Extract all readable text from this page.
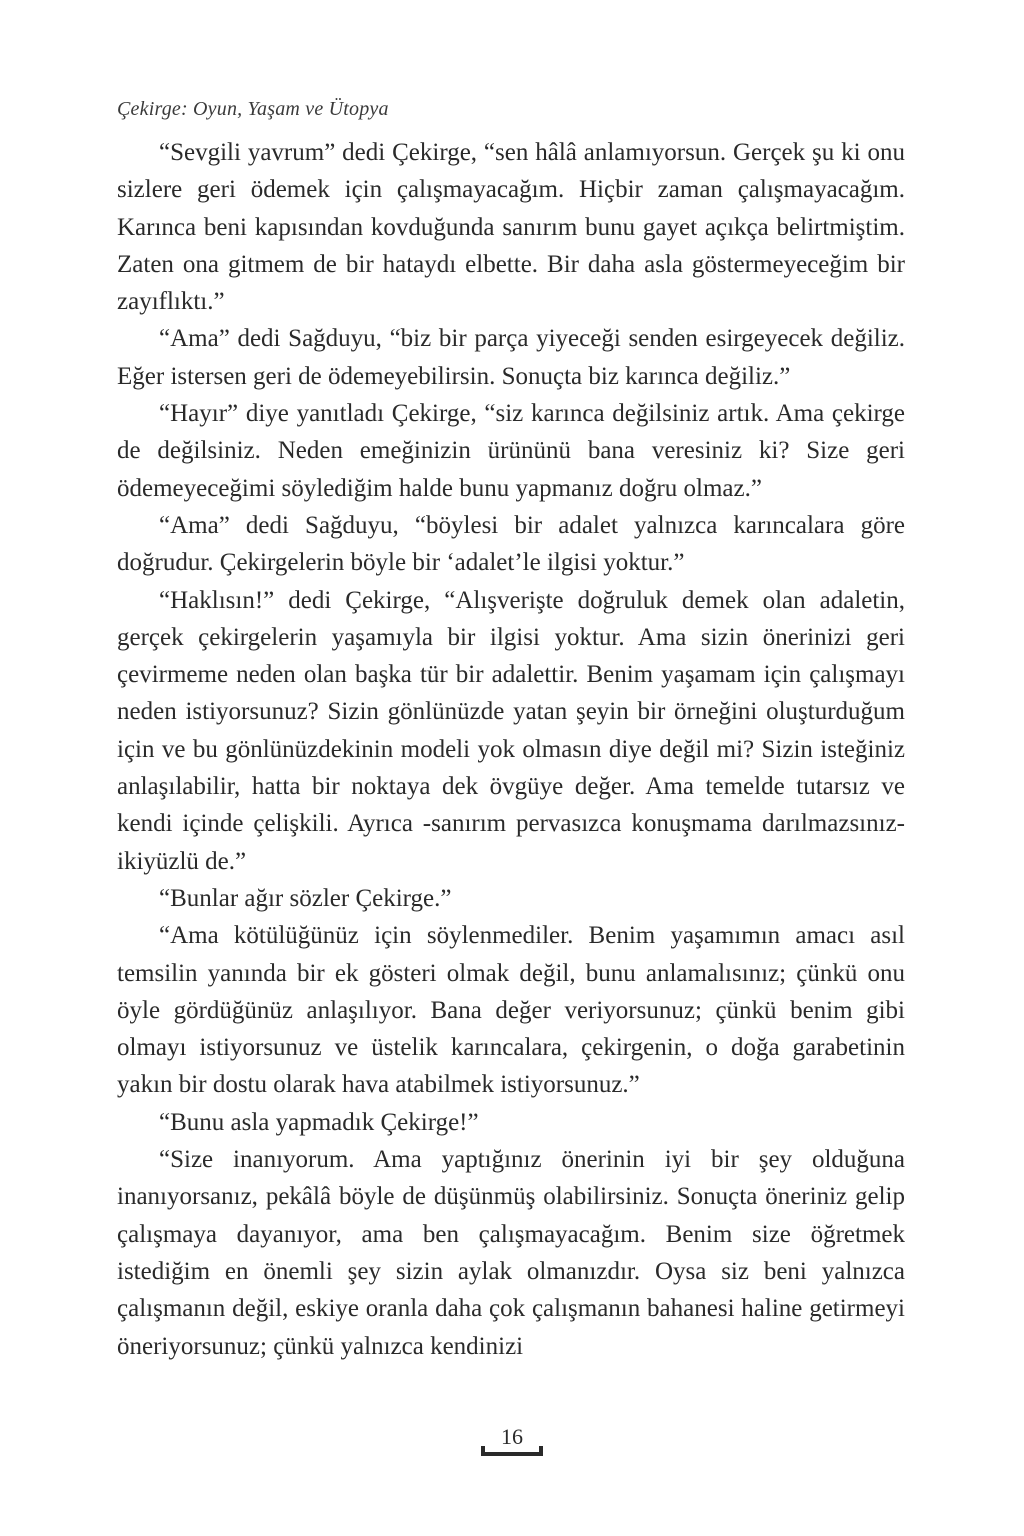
Çekirge: Oyun, Yaşam ve Ütopya

“Sevgili yavrum” dedi Çekirge, “sen hâlâ anlamıyorsun. Gerçek şu ki onu sizlere geri ödemek için çalışmayacağım. Hiçbir zaman çalışmayacağım. Karınca beni kapısından kovduğunda sanırım bunu gayet açıkça belirtmiştim. Zaten ona gitmem de bir hataydı elbette. Bir daha asla göstermeyeceğim bir zayıflıktı.”

“Ama” dedi Sağduyu, “biz bir parça yiyeceği senden esirgeyecek değiliz. Eğer istersen geri de ödemeyebilirsin. Sonuçta biz karınca değiliz.”

“Hayır” diye yanıtladı Çekirge, “siz karınca değilsiniz artık. Ama çekirge de değilsiniz. Neden emeğinizin ürününü bana veresiniz ki? Size geri ödemeyeceğimi söylediğim halde bunu yapmanız doğru olmaz.”

“Ama” dedi Sağduyu, “böylesi bir adalet yalnızca karıncalara göre doğrudur. Çekirgelerin böyle bir ‘adalet’le ilgisi yoktur.”

“Haklısın!” dedi Çekirge, “Alışverişte doğruluk demek olan adaletin, gerçek çekirgelerin yaşamıyla bir ilgisi yoktur. Ama sizin önerinizi geri çevirmeme neden olan başka tür bir adalettir. Benim yaşamam için çalışmayı neden istiyorsunuz? Sizin gönlünüzde yatan şeyin bir örneğini oluşturduğum için ve bu gönlünüzdekinin modeli yok olmasın diye değil mi? Sizin isteğiniz anlaşılabilir, hatta bir noktaya dek övgüye değer. Ama temelde tutarsız ve kendi içinde çelişkili. Ayrıca -sanırım pervasızca konuşmama darılmazsınız- ikiyüzlü de.”

“Bunlar ağır sözler Çekirge.”

“Ama kötülüğünüz için söylenmediler. Benim yaşamımın amacı asıl temsilin yanında bir ek gösteri olmak değil, bunu anlamalısınız; çünkü onu öyle gördüğünüz anlaşılıyor. Bana değer veriyorsunuz; çünkü benim gibi olmayı istiyorsunuz ve üstelik karıncalara, çekirgenin, o doğa garabetinin yakın bir dostu olarak hava atabilmek istiyorsunuz.”

“Bunu asla yapmadık Çekirge!”

“Size inanıyorum. Ama yaptığınız önerinin iyi bir şey olduğuna inanıyorsanız, pekâlâ böyle de düşünmüş olabilirsiniz. Sonuçta öneriniz gelip çalışmaya dayanıyor, ama ben çalışmayacağım. Benim size öğretmek istediğim en önemli şey sizin aylak olmanızdır. Oysa siz beni yalnızca çalışmanın değil, eskiye oranla daha çok çalışmanın bahanesi haline getirmeyi öneriyorsunuz; çünkü yalnızca kendinizi

16
